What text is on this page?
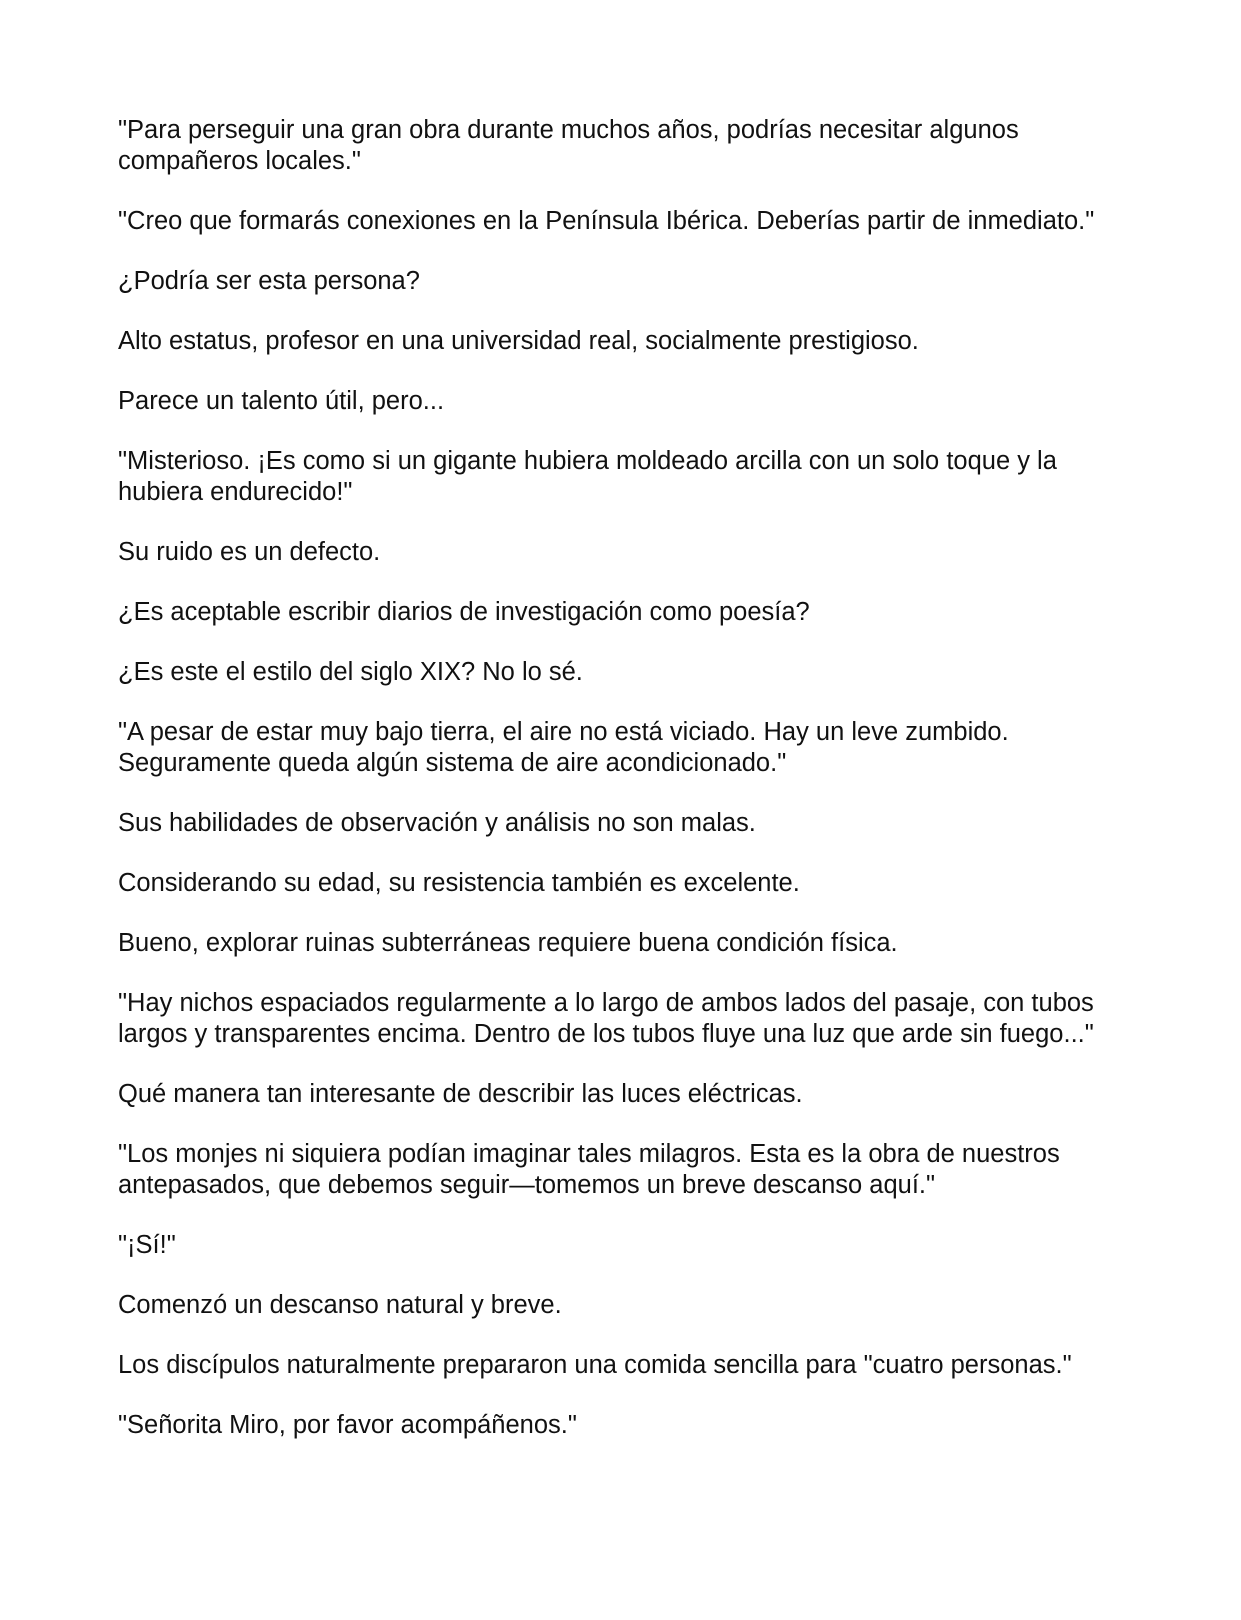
"Para perseguir una gran obra durante muchos años, podrías necesitar algunos compañeros locales."

"Creo que formarás conexiones en la Península Ibérica. Deberías partir de inmediato."

¿Podría ser esta persona?

Alto estatus, profesor en una universidad real, socialmente prestigioso.

Parece un talento útil, pero...

"Misterioso. ¡Es como si un gigante hubiera moldeado arcilla con un solo toque y la hubiera endurecido!"

Su ruido es un defecto.

¿Es aceptable escribir diarios de investigación como poesía?

¿Es este el estilo del siglo XIX? No lo sé.

"A pesar de estar muy bajo tierra, el aire no está viciado. Hay un leve zumbido. Seguramente queda algún sistema de aire acondicionado."

Sus habilidades de observación y análisis no son malas.

Considerando su edad, su resistencia también es excelente.

Bueno, explorar ruinas subterráneas requiere buena condición física.

"Hay nichos espaciados regularmente a lo largo de ambos lados del pasaje, con tubos largos y transparentes encima. Dentro de los tubos fluye una luz que arde sin fuego..."

Qué manera tan interesante de describir las luces eléctricas.

"Los monjes ni siquiera podían imaginar tales milagros. Esta es la obra de nuestros antepasados, que debemos seguir—tomemos un breve descanso aquí."

"¡Sí!"

Comenzó un descanso natural y breve.

Los discípulos naturalmente prepararon una comida sencilla para "cuatro personas."

"Señorita Miro, por favor acompáñenos."
